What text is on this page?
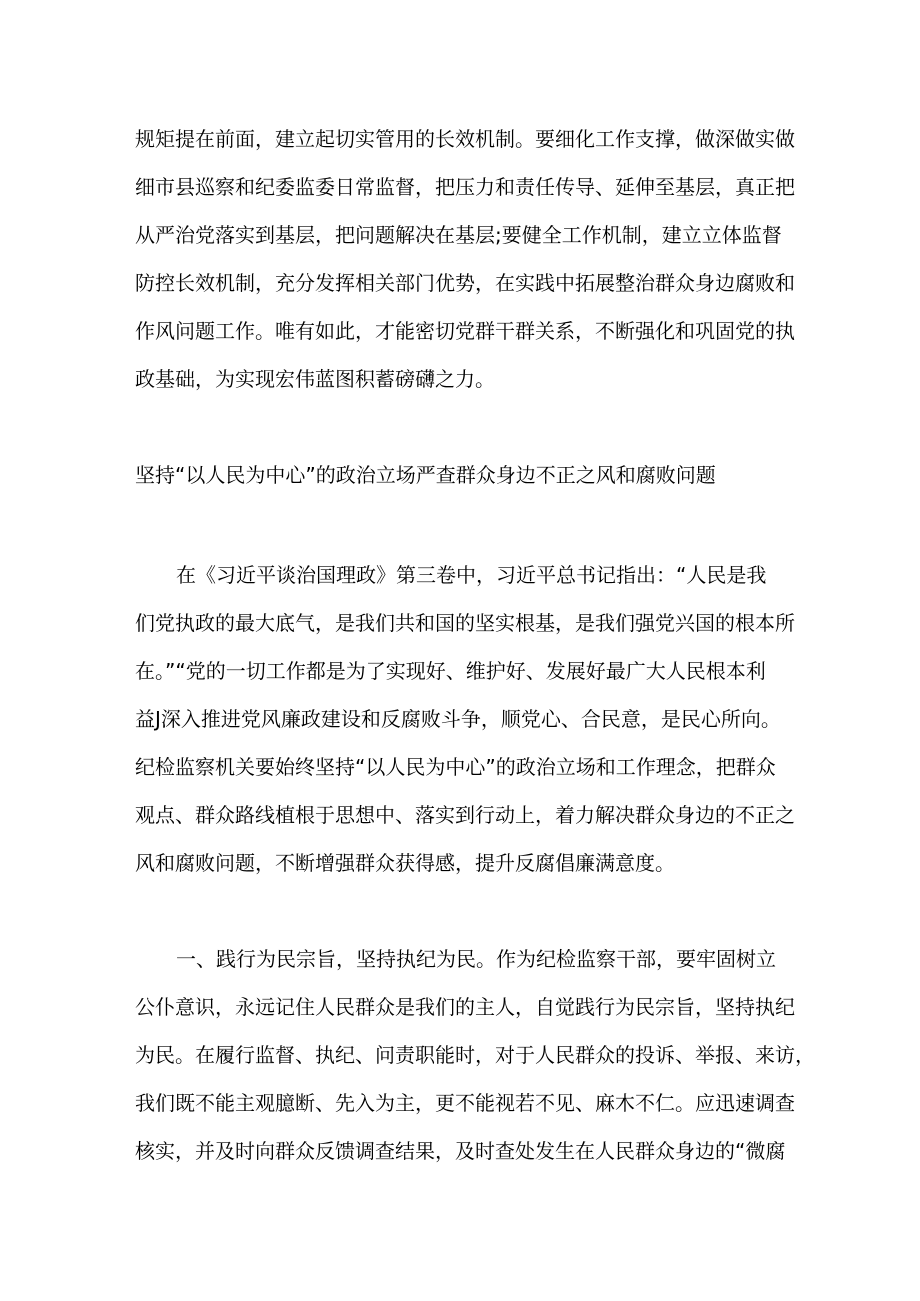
规矩提在前面，建立起切实管用的长效机制。要细化工作支撑，做深做实做
细市县巡察和纪委监委日常监督，把压力和责任传导、延伸至基层，真正把
从严治党落实到基层，把问题解决在基层;要健全工作机制，建立立体监督
防控长效机制，充分发挥相关部门优势，在实践中拓展整治群众身边腐败和
作风问题工作。唯有如此，才能密切党群干群关系，不断强化和巩固党的执
政基础，为实现宏伟蓝图积蓄磅礴之力。
坚持“以人民为中心”的政治立场严查群众身边不正之风和腐败问题
在《习近平谈治国理政》第三卷中，习近平总书记指出：“人民是我
们党执政的最大底气，是我们共和国的坚实根基，是我们强党兴国的根本所
在。”“党的一切工作都是为了实现好、维护好、发展好最广大人民根本利
益J深入推进党风廉政建设和反腐败斗争，顺党心、合民意，是民心所向。
纪检监察机关要始终坚持“以人民为中心”的政治立场和工作理念，把群众
观点、群众路线植根于思想中、落实到行动上，着力解决群众身边的不正之
风和腐败问题，不断增强群众获得感，提升反腐倡廉满意度。
一、践行为民宗旨，坚持执纪为民。作为纪检监察干部，要牢固树立
公仆意识，永远记住人民群众是我们的主人，自觉践行为民宗旨，坚持执纪
为民。在履行监督、执纪、问责职能时，对于人民群众的投诉、举报、来访，
我们既不能主观臆断、先入为主，更不能视若不见、麻木不仁。应迅速调查
核实，并及时向群众反馈调查结果，及时查处发生在人民群众身边的“微腐
